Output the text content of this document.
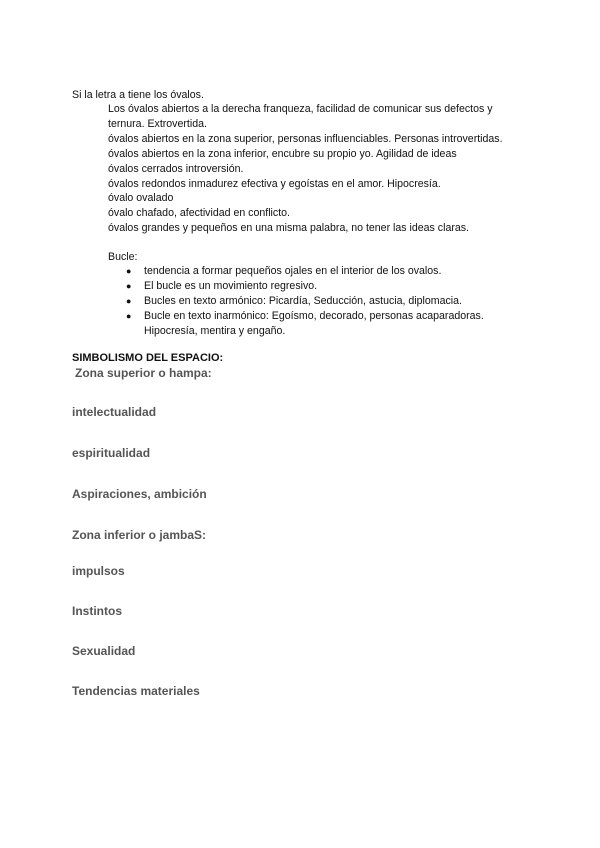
Si la letra a tiene los óvalos.

Los óvalos abiertos a la derecha franqueza, facilidad de comunicar sus defectos y ternura. Extrovertida.

óvalos abiertos en la zona superior, personas influenciables. Personas introvertidas.

óvalos abiertos en la zona inferior, encubre su propio yo. Agilidad de ideas

óvalos cerrados introversión.

óvalos redondos inmadurez efectiva y egoístas en el amor. Hipocresía.

óvalo ovalado

óvalo chafado, afectividad en conflicto.

óvalos grandes y pequeños en una misma palabra, no tener las ideas claras.

Bucle:
● tendencia a formar pequeños ojales en el interior de los ovalos.
● El bucle es un movimiento regresivo.
● Bucles en texto armónico: Picardía, Seducción, astucia, diplomacia.
● Bucle en texto inarmónico: Egoísmo, decorado, personas acaparadoras. Hipocresía, mentira y engaño.
SIMBOLISMO DEL ESPACIO:
Zona superior o hampa:
intelectualidad
espiritualidad
Aspiraciones, ambición
Zona inferior o jambaS:
impulsos
Instintos
Sexualidad
Tendencias materiales
